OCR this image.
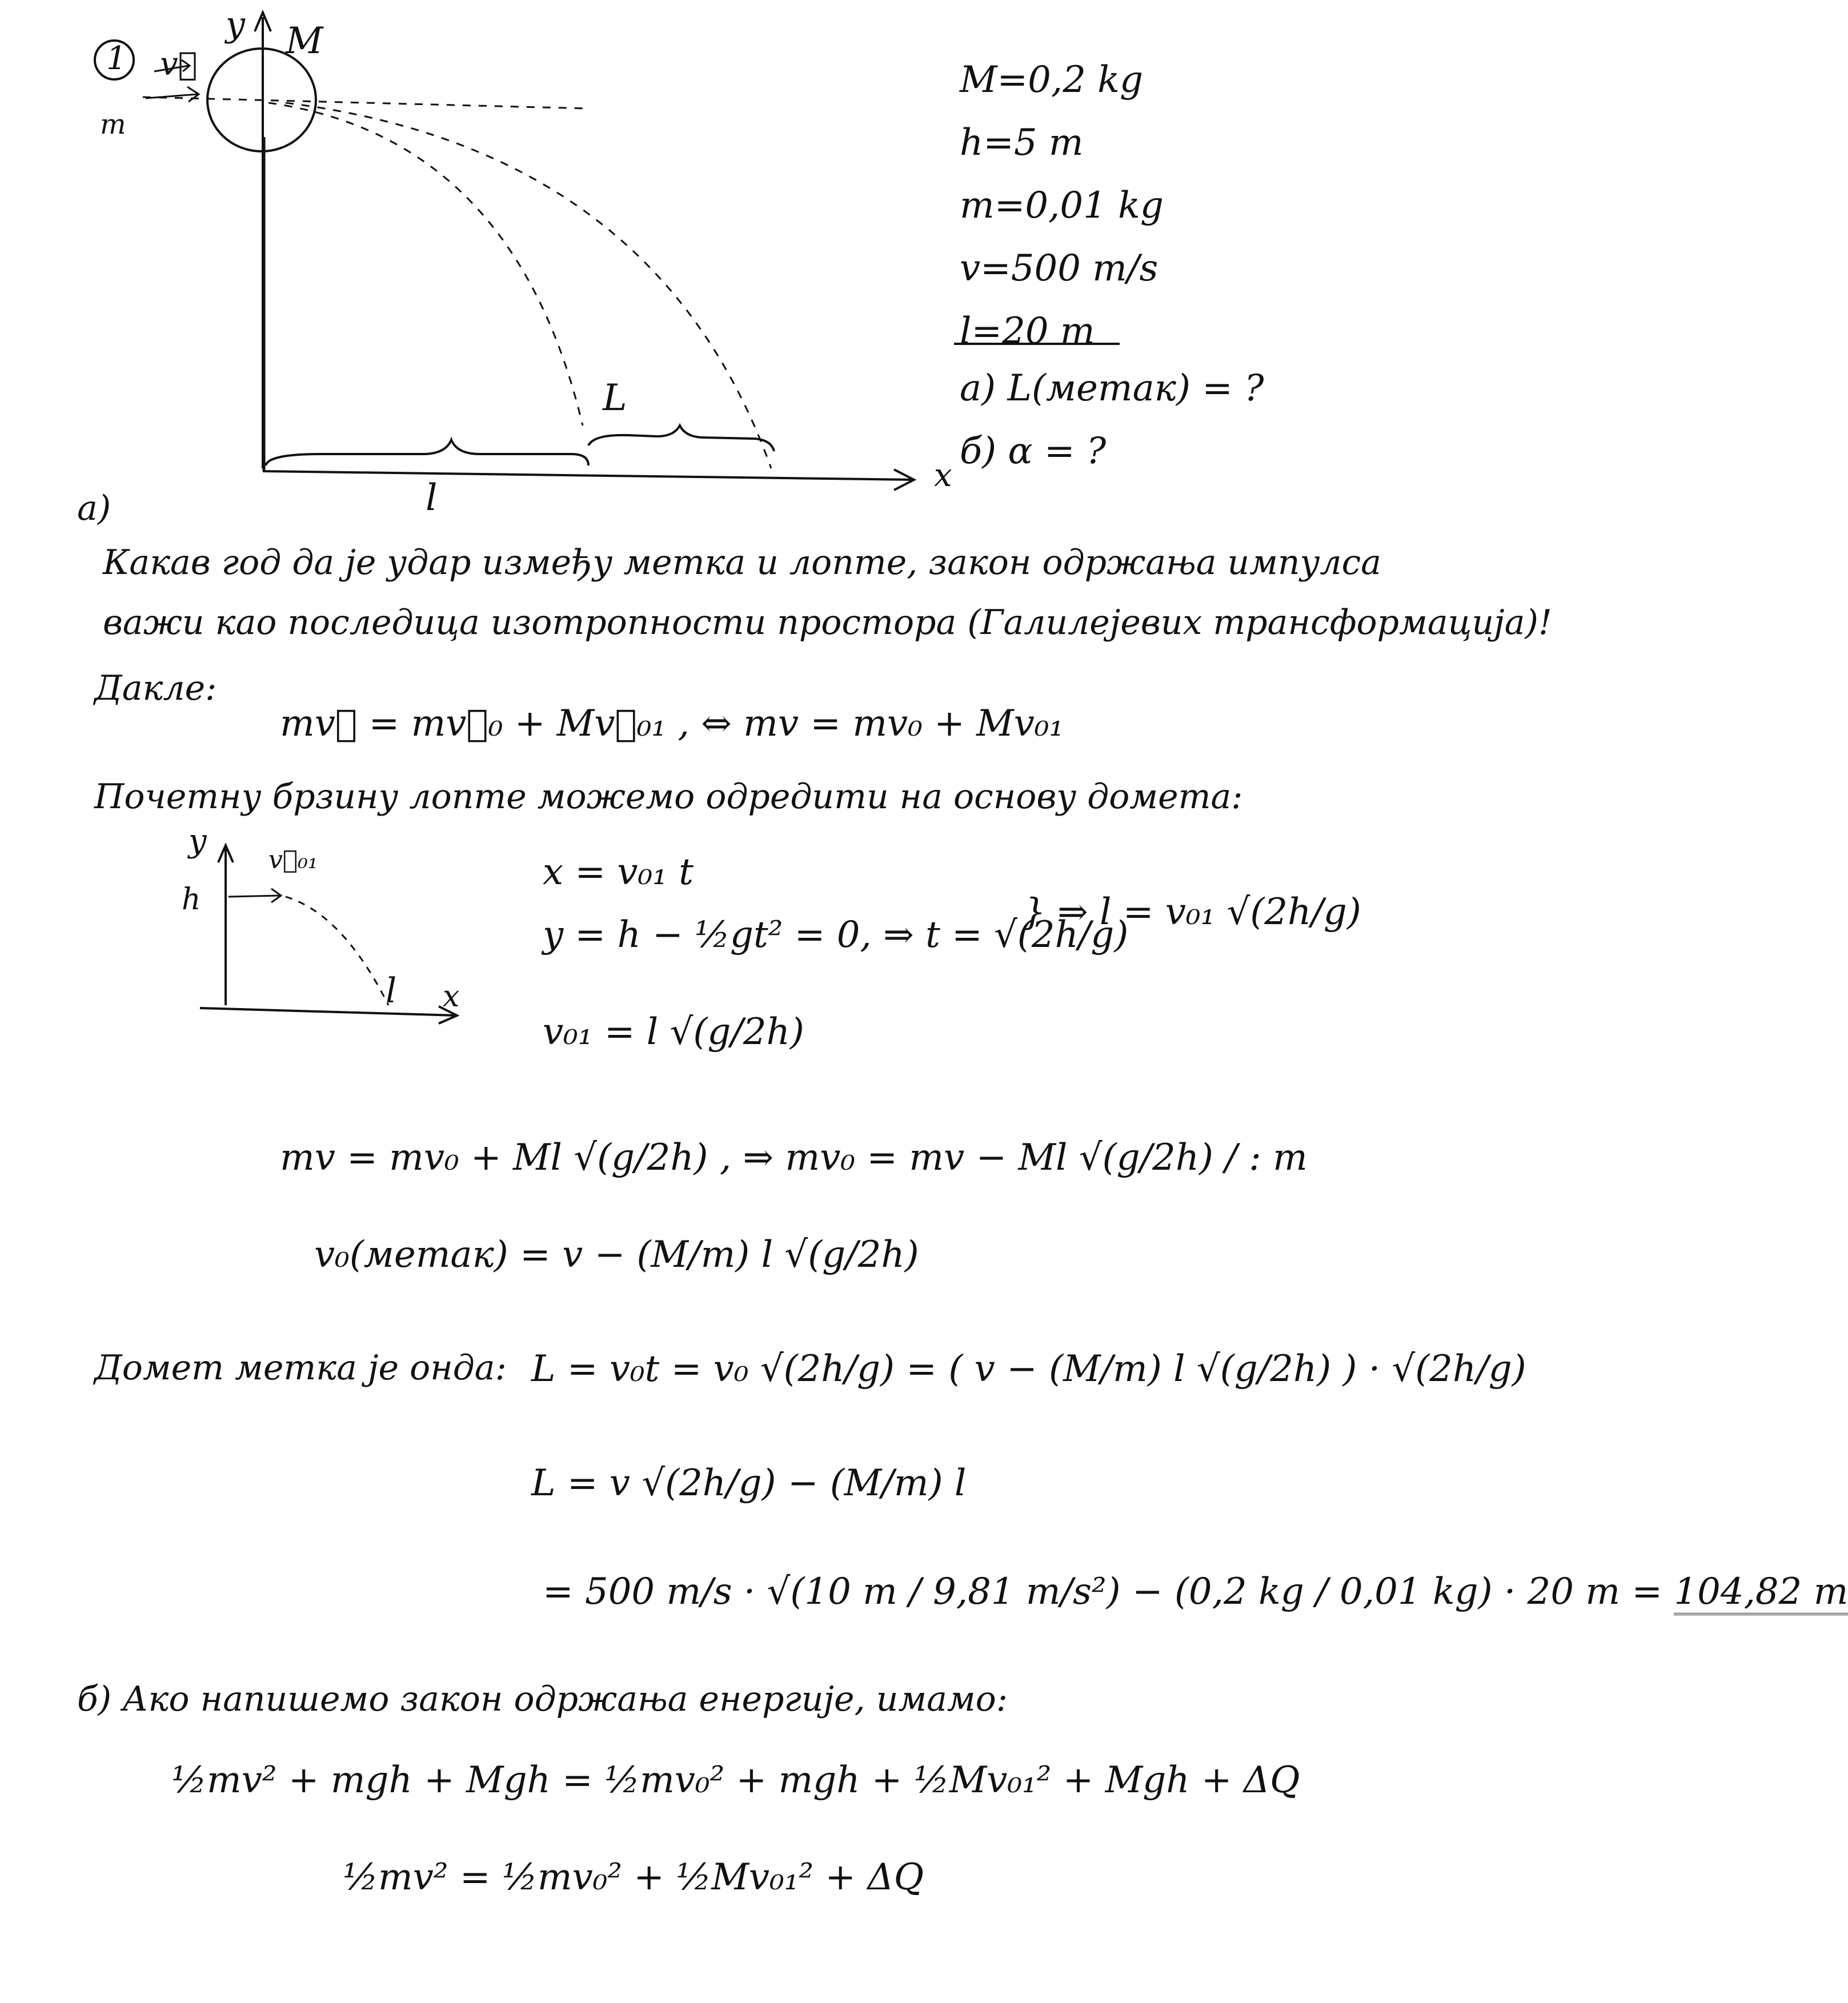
1
y M
v⃗
m
L
l
x
а)
M=0,2 kg
h=5 m
m=0,01 kg
v=500 m/s
l=20 m
а) L(метак) = ?
б) α = ?
Какав год да је удар између метка и лопте, закон одржања импулса
важи као последица изотропности простора (Галилејевих трансформација)!
Дакле:
mv⃗ = mv⃗₀ + Mv⃗₀₁ , ⇔ mv = mv₀ + Mv₀₁
Почетну брзину лопте можемо одредити на основу домета:
y
h
v⃗₀₁
l x
x = v₀₁ t
y = h − ½gt² = 0, ⇒ t = √(2h/g)
} ⇒ l = v₀₁ √(2h/g)
v₀₁ = l √(g/2h)
mv = mv₀ + Ml √(g/2h) , ⇒ mv₀ = mv − Ml √(g/2h) / : m
v₀(метак) = v − (M/m) l √(g/2h)
Домет метка је онда: L = v₀t = v₀ √(2h/g) = ( v − (M/m) l √(g/2h) ) · √(2h/g)
L = v √(2h/g) − (M/m) l
= 500 m/s · √(10 m / 9,81 m/s²) − (0,2 kg / 0,01 kg) · 20 m = 104,82 m
б) Ако напишемо закон одржања енергије, имамо:
½mv² + mgh + Mgh = ½mv₀² + mgh + ½Mv₀₁² + Mgh + ΔQ
½mv² = ½mv₀² + ½Mv₀₁² + ΔQ
